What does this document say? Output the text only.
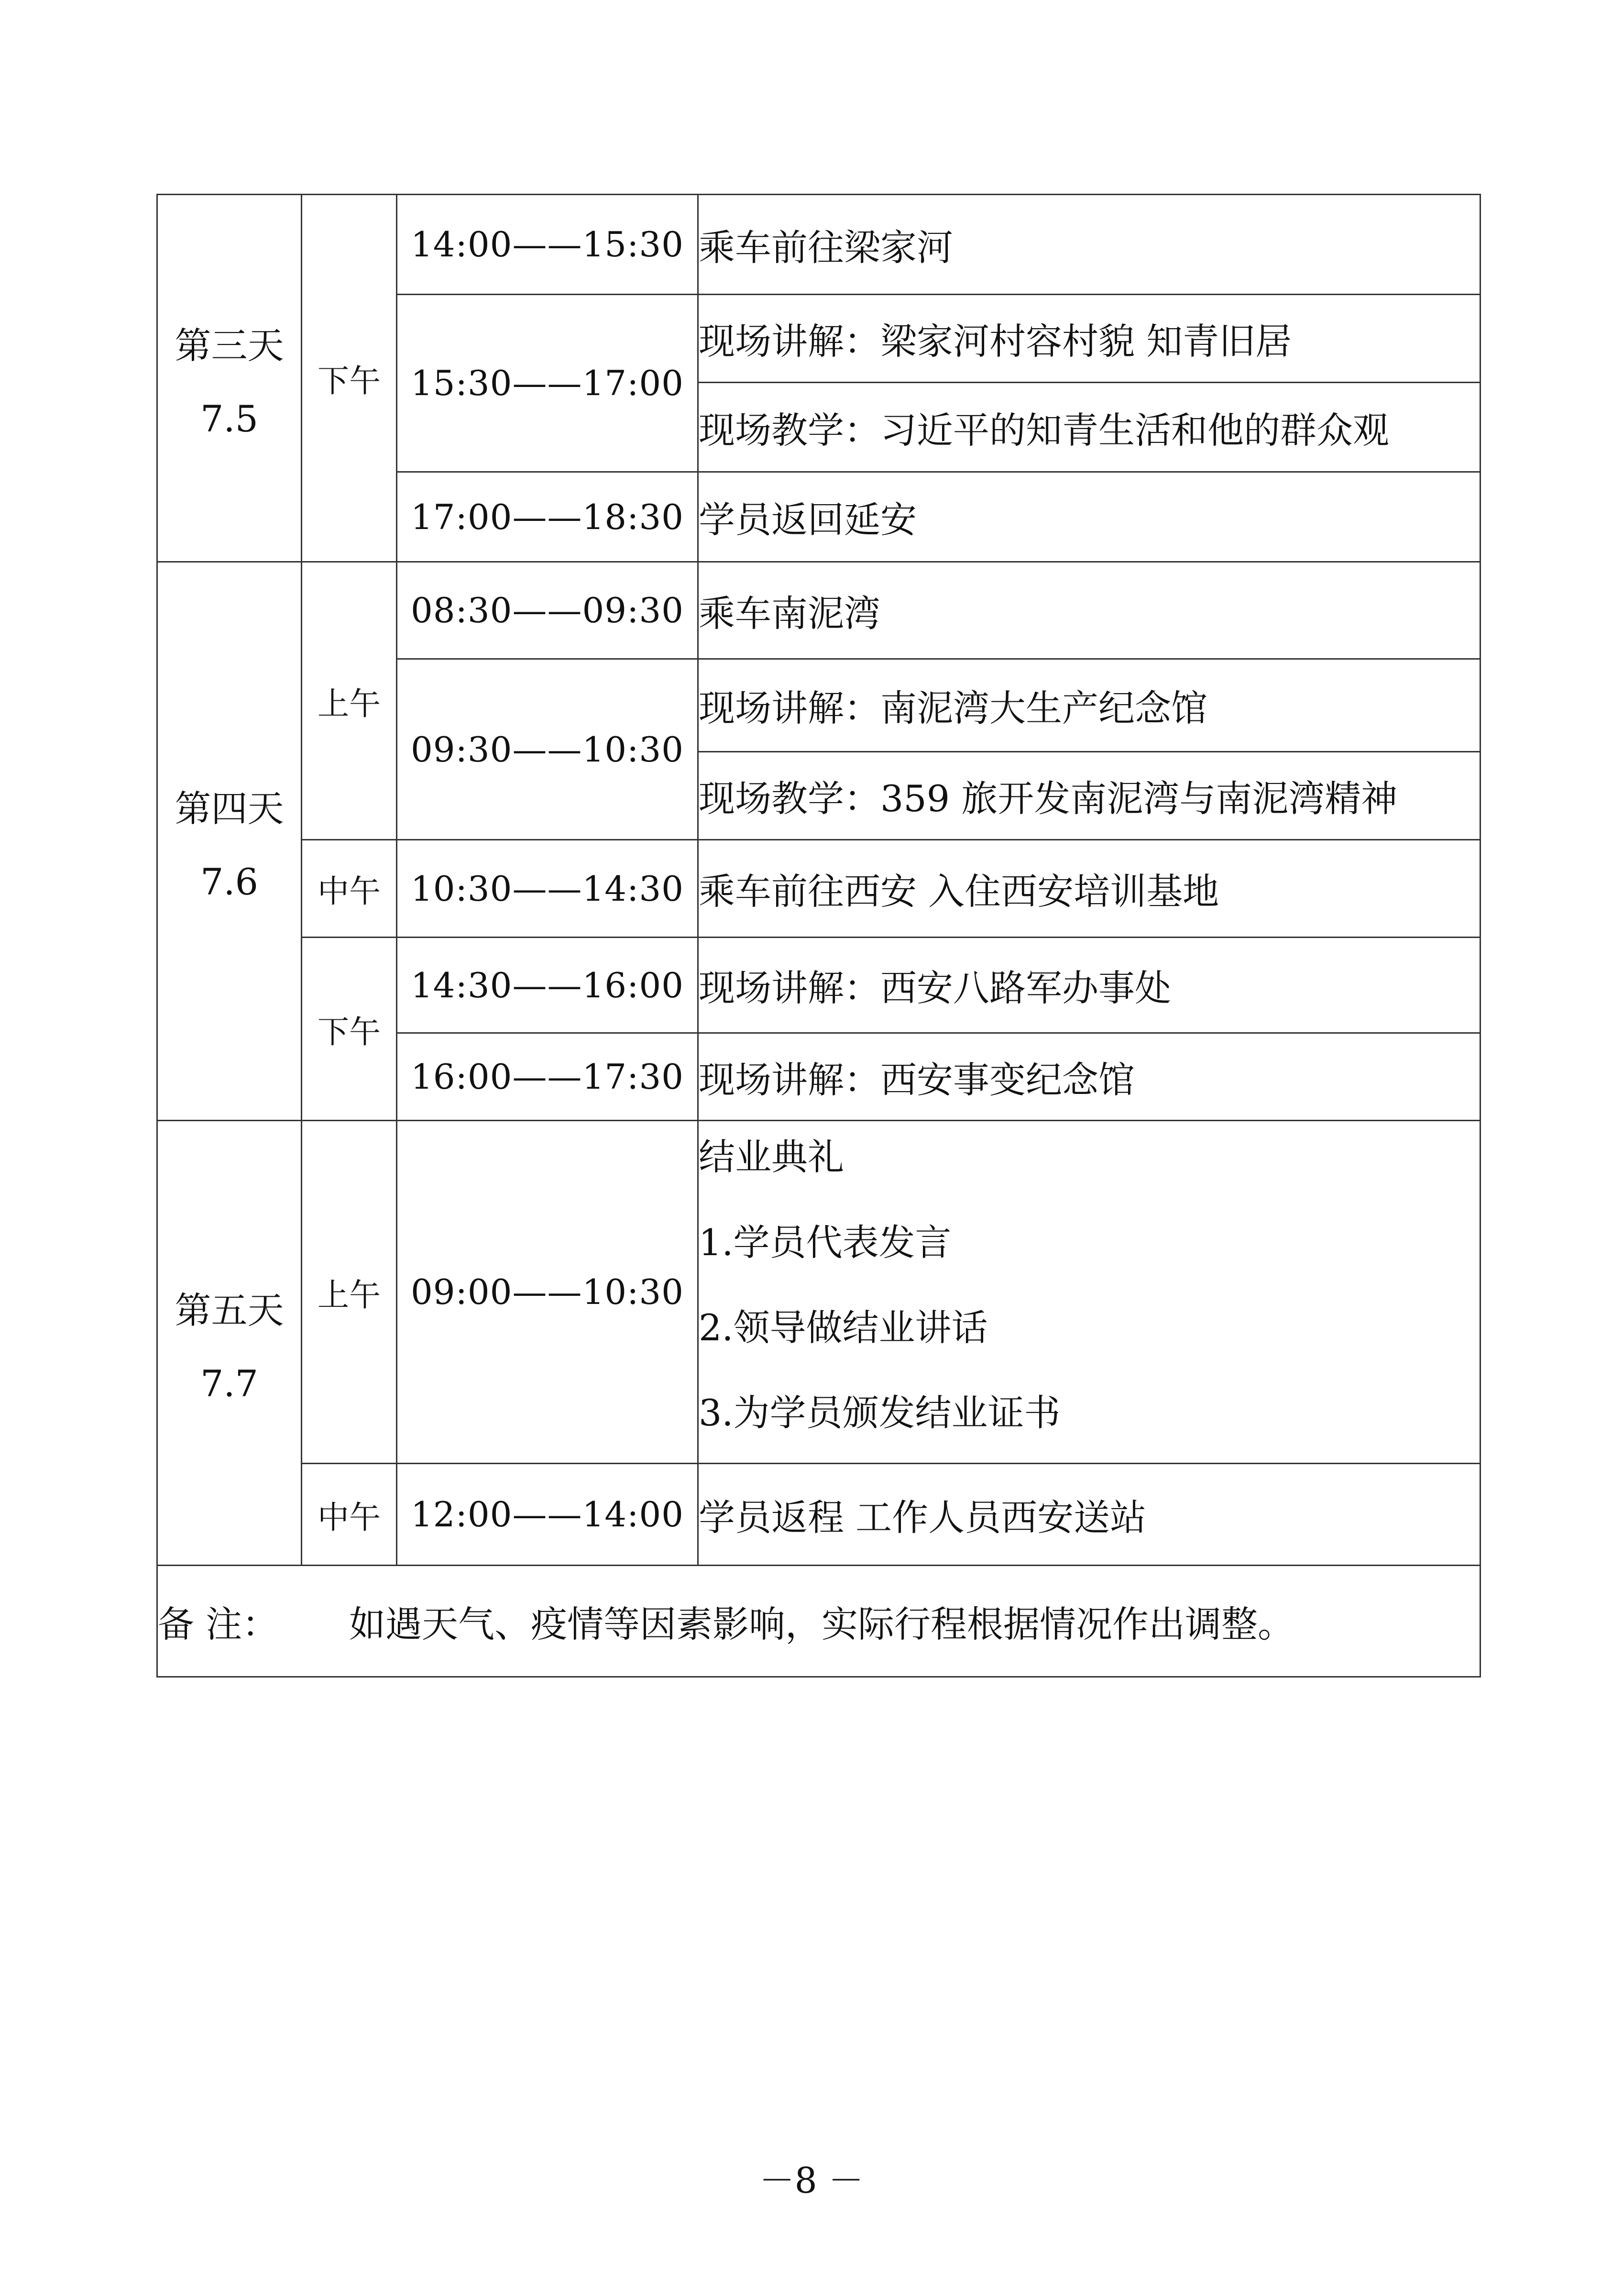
第三天
7.5	下午	14:00——15:30	乘车前往梁家河
		15:30——17:00	现场讲解：梁家河村容村貌 知青旧居
			现场教学：习近平的知青生活和他的群众观
		17:00——18:30	学员返回延安

第四天
7.6	上午	08:30——09:30	乘车南泥湾
		09:30——10:30	现场讲解：南泥湾大生产纪念馆
			现场教学：359 旅开发南泥湾与南泥湾精神
	中午	10:30——14:30	乘车前往西安 入住西安培训基地
	下午	14:30——16:00	现场讲解：西安八路军办事处
		16:00——17:30	现场讲解：西安事变纪念馆

第五天
7.7	上午	09:00——10:30	结业典礼
1.学员代表发言
2.领导做结业讲话
3.为学员颁发结业证书

	中午	12:00——14:00	学员返程 工作人员西安送站
备 注： 如遇天气、疫情等因素影响，实际行程根据情况作出调整。			
－8 －
